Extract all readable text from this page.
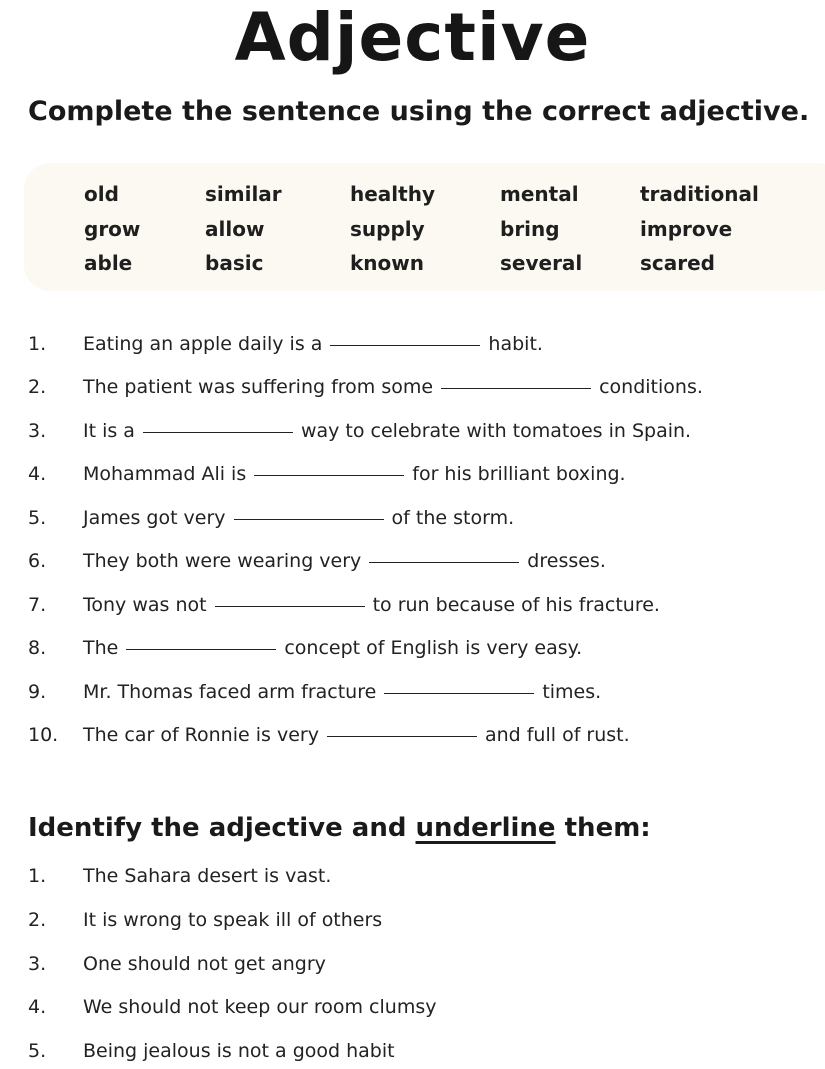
Adjective
Complete the sentence using the correct adjective.
old	similar	healthy	mental	traditional
grow	allow	supply	bring	improve
able	basic	known	several	scared
1.	Eating an apple daily is a	habit.
2.	The patient was suffering from some	conditions.
3.	It is a	way to celebrate with tomatoes in Spain.
4.	Mohammad Ali is	for his brilliant boxing.
5.	James got very	of the storm.
6.	They both were wearing very	dresses.
7.	Tony was not	to run because of his fracture.
8.	The	concept of English is very easy.
9.	Mr. Thomas faced arm fracture	times.
10.	The car of Ronnie is very	and full of rust.
Identify the adjective and underline them:
1.	The Sahara desert is vast.
2.	It is wrong to speak ill of others
3.	One should not get angry
4.	We should not keep our room clumsy
5.	Being jealous is not a good habit
